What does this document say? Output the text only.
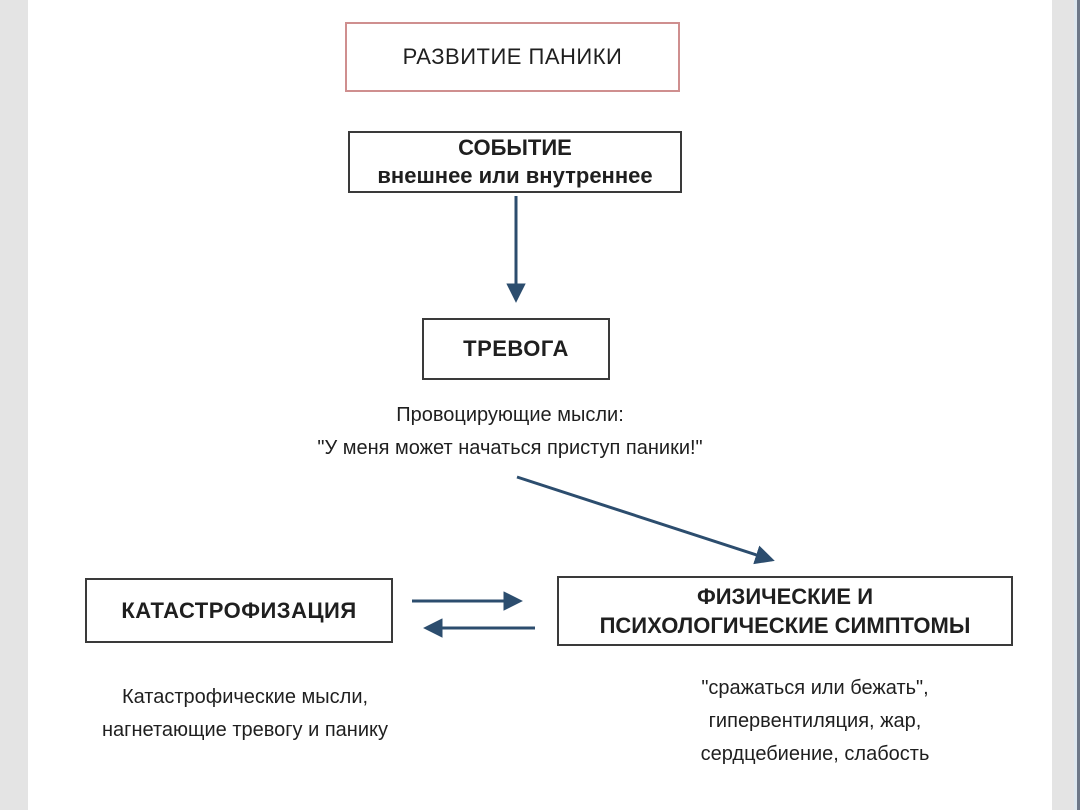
РАЗВИТИЕ ПАНИКИ
СОБЫТИЕ
внешнее или внутреннее
ТРЕВОГА
Провоцирующие мысли:
"У меня может начаться приступ паники!"
КАТАСТРОФИЗАЦИЯ
ФИЗИЧЕСКИЕ И
ПСИХОЛОГИЧЕСКИЕ СИМПТОМЫ
Катастрофические мысли,
нагнетающие тревогу и панику
"сражаться или бежать",
гипервентиляция, жар,
сердцебиение, слабость
